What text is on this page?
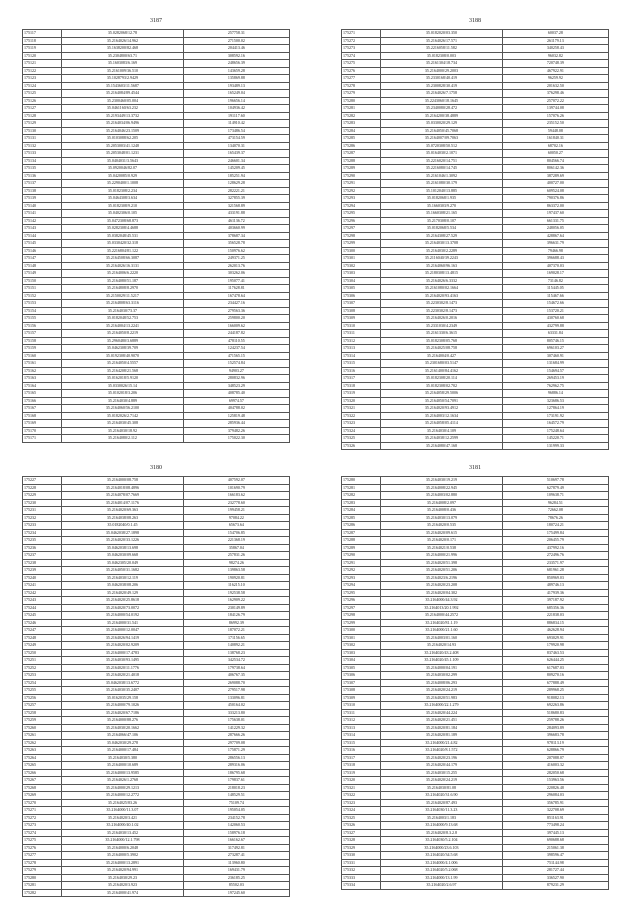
3187
175117	35.0282068/12.78	257758.31
175118	35.2164026/14.962	271500.02
175119	35.1638200/82.468	204413.46
175120	35.2304800/63.71	308592.16
175121	35.1603083/6.169	248656.39
175122	35.2161009/36.510	143659.28
175123	35.1028793/2.9429	135869.88
175124	35.1543603/11.5687	193489.13
175125	35.2164084/89.4544	165249.04
175126	35.2300460/05.004	196656.14
175127	35.0461160/63.232	104936.42
175128	35.2193449/13.3732	191117.60
175129	35.2164034/06.9496	114910.42
175130	35.2164046/23.1509	173486.54
175131	35.0103088/62.205	473154.59
175132	35.2053003/41.1248	134070.31
175133	35.2053048/01.1231	165439.37
175134	35.0404031/3.5643	246601.34
175135	35.0920046/82.07	145209.45
175136	35.0420085/0.929	185251.94
175137	35.2290400/1.1008	128629.28
175138	35.0182308/2.234	282221.21
175139	35.0464308/3.634	327855.39
175140	35.0182308/9.210	321568.89
175141	35.0402306/0.105	433191.88
175142	35.0472308/68.873	461136.72
175143	35.0282308/4.4688	403660.99
175144	35.0382048/45.531	378687.34
175145	35.0330420/32.318	356528.78
175146	35.2216804/81.122	150976.62
175147	35.2164508/66.3087	249371.25
175148	35.2164026/16.3131	262013.76
175149	35.2164006/6.2220	303262.06
175150	35.2164080/51.187	195077.41
175151	35.2164808/8.2970	117628.81
175152	35.2150029/11.5217	167478.64
175153	35.2164808/63.3116	234427.16
175154	35.2164030/73.37	279563.36
175155	35.0182048/52.753	259800.20
175156	35.2164004/13.2241	166009.62
175157	35.2164050/8.2219	244187.82
175158	35.2960480/3.6889	478110.55
175159	35.0462308/39.709	124237.54
175160	35.0192308/40.9070	471565.15
175161	35.2164050/4.5557	152574.84
175162	35.2164208/21.568	94903.27
175163	35.0162018/5.9120	280832.96
175164	35.0330026/15.14	348523.29
175165	35.0102018/3.206	408785.40
175166	35.2164030/4.889	69974.57
175167	35.2164060/56.2100	404788.02
175168	35.0182026/2.7142	125819.48
175169	35.2164030/45.308	285936.44
175170	35.2164030/18.92	379482.26
175171	35.2164080/2.112	175022.30
3188
175271	35.0182020/03.350	60037.28
175272	35.2164026/17.571	261179.13
175273	35.2216058/11.582	340258.43
175274	35.0182308/0.003	96032.82
175275	35.2161304/18.734	720748.39
175276	35.2164000/29.2003	467922.91
175277	35.2330168/40.419	96259.92
175278	35.2300828/30.419	201632.50
175279	35.2164026/7.1758	376298.46
175280	35.2243060/18.1645	257072.22
175281	35.2340080/28.472	139744.08
175282	35.2164200/38.4889	157076.26
175283	35.0330020/29.129	235152.50
175284	35.2164050/45.7068	59448.08
175285	35.2164007/09.7063	161840.31
175286	35.0720308/50.512	68702.16
175287	35.0164030/2.1071	60050.27
175288	35.2216020/14.751	804566.74
175289	35.2216080/14.745	806142.36
175290	35.2161046/1.3092	387289.69
175291	35.2161080/30.179	400727.00
175292	35.1012040/13.885	609524.08
175293	35.0182068/1.935	790376.86
175294	35.1660303/9.270	863372.00
175295	35.1660308/21.165	197437.60
175296	35.2170308/0.107	661331.75
175297	35.0182068/5.534	248056.05
175298	35.2164308/27.529	428867.64
175299	35.2164030/13.3708	396631.79
175300	35.2164030/2.2289	79466.98
175301	35.2116040/39.2243	396688.43
175302	35.2164060/96.163	407370.03
175303	35.2180308/13.4815	169028.17
175304	35.2164026/6.3332	73146.82
175305	35.2161080/02.1664	115445.05
175306	35.2164020/93.4163	115467.66
175307	35.2230302/8.1473	154672.66
175308	35.2230302/8.1473	153720.21
175309	35.2164026/0.2016	430760.68
175310	35.2331030/4.2349	432799.88
175311	35.2161330/6.3615	63331.84
175312	35.0182308/05.768	805746.15
175313	35.2164025/08.758	696103.27
175314	35.2164004/0.427	307460.91
175315	35.2301680/03.5147	131684.99
175316	35.2161400/84.4162	154694.57
175317	35.0182308/20.114	269453.19
175318	35.0182308/02.702	762962.75
175319	35.2164058/29.5006	96886.14
175320	35.2164050/54.7091	323686.53
175321	35.2164020/93.4912	127864.19
175322	35.2164003/12.1634	173191.92
175323	35.2164058/05.4114	164572.79
175324	35.2164030/4.109	175248.64
175325	35.2164038/12.2599	145220.71
175326	35.2164080/47.168	131999.33
3180
175227	35.2164000/08.758	407592.07
175228	35.2164018/08.4896	101690.79
175229	35.2164078/07.7669	166183.62
175230	35.2164014/07.1176	232778.60
175231	35.2164020/69.363	199458.21
175232	35.2164038/08.263	97084.22
175233	35.0182040/0.1.45	65673.64
175234	35.0462038/27.1898	154706.85
175235	35.2164020/33.1226	221368.19
175236	35.0462038/13.698	35867.04
175237	35.0462030/09.668	257831.26
175238	35.0462305/20.049	98274.26
175239	35.2164050/31.1682	139863.58
175240	35.2164030/12.119	190920.81
175241	35.0462038/08.206	116215.10
175242	35.2164020/49.129	192538.58
175243	35.2164020/25.8618	162909.22
175244	35.2164020/73.0072	230149.89
175245	35.2164000/54.0192	184126.79
175246	35.2164000/31.541	86992.39
175247	35.2164000/12.0047	187072.21
175248	35.2164026/94.1419	171156.65
175249	35.2164020/02.9209	140892.21
175250	35.2164000/17.4783	138768.23
175251	35.2164030/93.1495	342534.72
175252	35.2164020/11.1776	179738.64
175253	35.2164020/21.4018	406767.35
175254	35.0462038/13.6772	269088.70
175255	35.2164030/35.2407	279517.98
175256	35.0162035/29.158	133096.81
175257	35.2164000/79.1026	450164.02
175258	35.2164020/67.7186	333213.80
175259	35.2164000/88.276	175638.01
175260	35.2164030/20.1662	141229.32
175261	35.2164066/47.106	287666.26
175262	35.0462030/29.278	297709.08
175263	35.2164000/17.484	175871.29
175264	35.2164030/5.380	286556.13
175265	35.2164000/10.689	289316.06
175266	35.2164000/13.9585	186795.68
175267	35.2164026/1.2768	179837.61
175268	35.2164000/29.1213	218018.23
175269	35.2164000/12.2772	148529.51
175270	35.2164025/83.26	75109.74
175271	35.2164000/11.3.07	195054.05
175272	35.2164020/3.421	234152.78
175273	35.2164000/40.1.02	142060.53
175274	35.2164030/13.452	158976.18
175275	35.2164000/12.1.798	166162.67
175276	35.2164000/6.2048	317492.81
175277	35.2164000/5.3902	273287.41
175278	35.2164000/13.2891	113960.80
175279	35.2164020/94.991	169431.79
175280	35.2164030/29.23	236185.25
175281	35.2164020/3.923	85502.03
175282	35.2164000/41.974	197245.60
3181
175280	35.2164030/19.219	510697.78
175281	35.2164008/22.945	627879.49
175282	35.2164003/02.880	109638.71
175283	35.2164008/2.097	96284.51
175284	35.2164008/0.436	72662.08
175285	35.2164030/13.079	78676.26
175286	35.2164020/0.535	180724.21
175287	35.2164020/09.615	175499.84
175288	35.2164020/0.171	206455.79
175289	35.2164021/0.538	437992.16
175290	35.2164000/21.996	272496.76
175291	35.2164020/51.398	233571.97
175292	35.2164020/51.206	681961.28
175293	35.2164023/6.2196	850969.03
175294	35.2164020/23.208	489746.13
175295	35.2164020/04.302	417939.36
175296	35.2164000/44.3.92	397187.92
175297	35.2164013/20.1.992	685356.36
175298	35.2164000/44.2572	221838.03
175299	35.2164020/81.1.19	886834.15
175300	35.2164000/21.1.60	462628.94
175301	35.2164003/01.160	693029.91
175302	35.2164020/14.93	179920.98
175303	35.2164020/43.2.408	837463.53
175304	35.2164020/45.1.109	626444.25
175305	35.2164000/04.191	617687.03
175306	35.2164030/02.299	809270.16
175307	35.2164008/06.293	677888.49
175308	35.2164020/24.219	289968.25
175309	35.2164020/51.983	918082.13
175310	35.2164000/22.1.279	692263.86
175311	35.2164020/44.224	518680.83
175312	35.2164020/21.451	259788.26
175313	35.2164020/81.184	284093.89
175314	35.2164020/81.189	396683.78
175315	35.2164000/21.4.82	978113.19
175316	35.2164020/8.1.572	628866.79
175317	35.2164020/23.196	207088.07
175318	35.2164020/44.179	416003.32
175319	35.2164030/15.255	282050.68
175320	35.2164020/24.219	153963.56
175321	35.2164030/81.08	220826.48
175322	35.2164020/31.6.90	296084.03
175323	35.2164020/87.493	356785.91
175324	35.2164030/11.3.23	322708.69
175325	35.2164003/1.183	851163.91
175326	35.2164000/9.13.68	773498.24
175327	35.2164020/8.3.2.8	397445.13
175328	35.2164030/5.2.104	690688.68
175329	35.2164000/23.6.103	215061.38
175330	35.2164020/34.5.68	398596.47
175331	35.2164000/4.1.006	751144.98
175332	35.2164020/5.2.068	281727.44
175333	35.2164000/13.1.99	336527.90
175334	35.2164020/2.6.97	879231.29
